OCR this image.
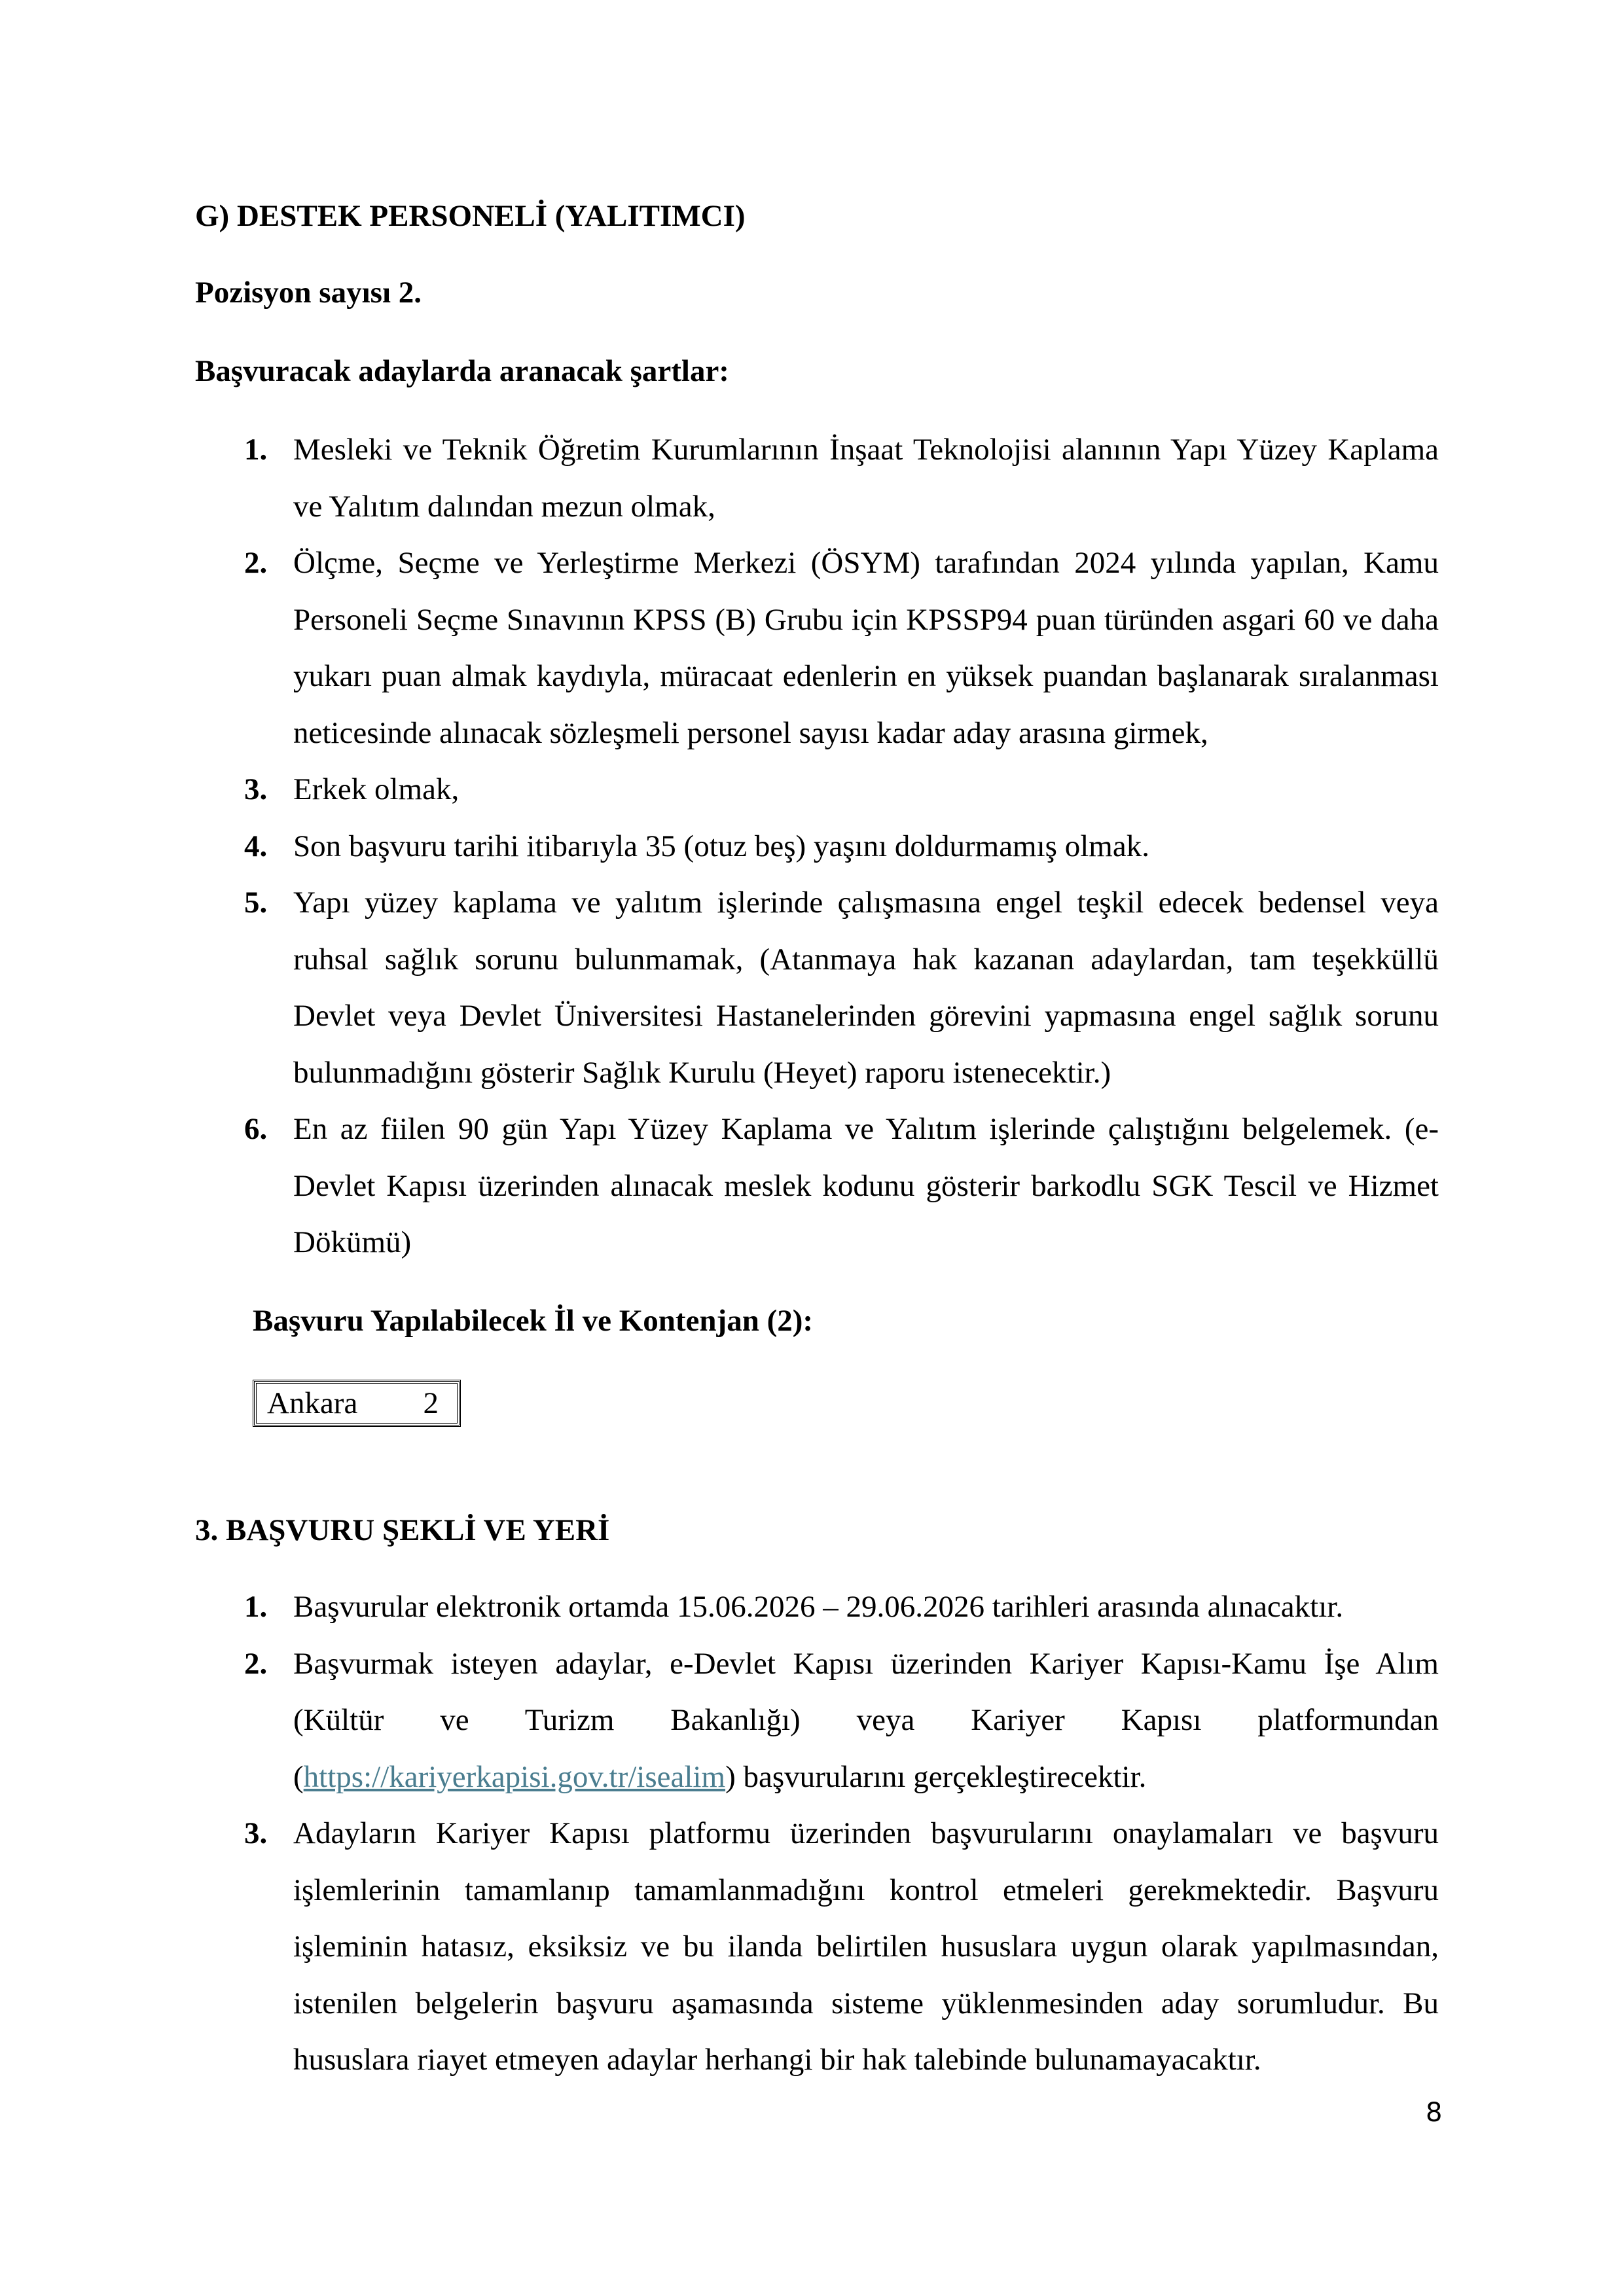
G) DESTEK PERSONELİ (YALITIMCI)
Pozisyon sayısı 2.
Başvuracak adaylarda aranacak şartlar:
1. Mesleki ve Teknik Öğretim Kurumlarının İnşaat Teknolojisi alanının Yapı Yüzey Kaplama ve Yalıtım dalından mezun olmak,
2. Ölçme, Seçme ve Yerleştirme Merkezi (ÖSYM) tarafından 2024 yılında yapılan, Kamu Personeli Seçme Sınavının KPSS (B) Grubu için KPSSP94 puan türünden asgari 60 ve daha yukarı puan almak kaydıyla, müracaat edenlerin en yüksek puandan başlanarak sıralanması neticesinde alınacak sözleşmeli personel sayısı kadar aday arasına girmek,
3. Erkek olmak,
4. Son başvuru tarihi itibarıyla 35 (otuz beş) yaşını doldurmamış olmak.
5. Yapı yüzey kaplama ve yalıtım işlerinde çalışmasına engel teşkil edecek bedensel veya ruhsal sağlık sorunu bulunmamak, (Atanmaya hak kazanan adaylardan, tam teşekküllü Devlet veya Devlet Üniversitesi Hastanelerinden görevini yapmasına engel sağlık sorunu bulunmadığını gösterir Sağlık Kurulu (Heyet) raporu istenecektir.)
6. En az fiilen 90 gün Yapı Yüzey Kaplama ve Yalıtım işlerinde çalıştığını belgelemek. (e-Devlet Kapısı üzerinden alınacak meslek kodunu gösterir barkodlu SGK Tescil ve Hizmet Dökümü)
Başvuru Yapılabilecek İl ve Kontenjan (2):
Ankara	2
3. BAŞVURU ŞEKLİ VE YERİ
1. Başvurular elektronik ortamda 15.06.2026 – 29.06.2026 tarihleri arasında alınacaktır.
2. Başvurmak isteyen adaylar, e-Devlet Kapısı üzerinden Kariyer Kapısı-Kamu İşe Alım (Kültür ve Turizm Bakanlığı) veya Kariyer Kapısı platformundan (https://kariyerkapisi.gov.tr/isealim) başvurularını gerçekleştirecektir.
3. Adayların Kariyer Kapısı platformu üzerinden başvurularını onaylamaları ve başvuru işlemlerinin tamamlanıp tamamlanmadığını kontrol etmeleri gerekmektedir. Başvuru işleminin hatasız, eksiksiz ve bu ilanda belirtilen hususlara uygun olarak yapılmasından, istenilen belgelerin başvuru aşamasında sisteme yüklenmesinden aday sorumludur. Bu hususlara riayet etmeyen adaylar herhangi bir hak talebinde bulunamayacaktır.
8
